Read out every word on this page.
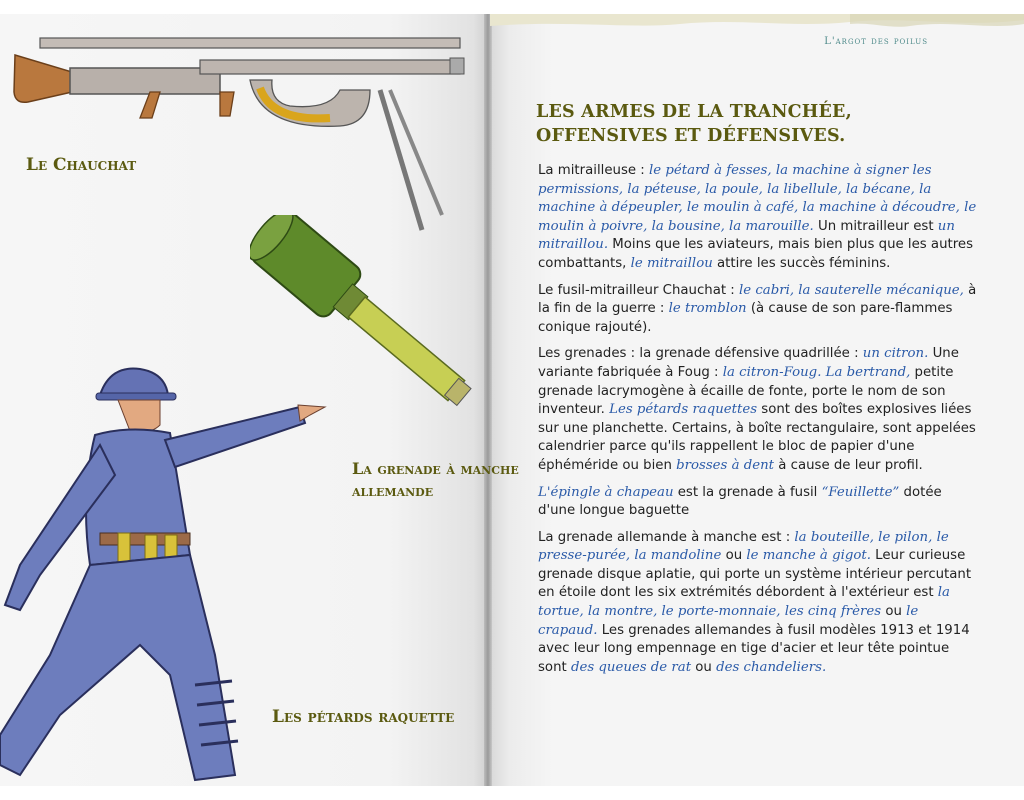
L'argot des poilus
Le Chauchat
La grenade à manche
allemande
Les pétards raquette
LES ARMES DE LA TRANCHÉE,
OFFENSIVES ET DÉFENSIVES.

La mitrailleuse : le pétard à fesses, la machine à signer les permissions, la péteuse, la poule, la libellule, la bécane, la machine à dépeupler, le moulin à café, la machine à découdre, le moulin à poivre, la bousine, la marouille. Un mitrailleur est un mitraillou. Moins que les aviateurs, mais bien plus que les autres combattants, le mitraillou attire les succès féminins.

Le fusil-mitrailleur Chauchat : le cabri, la sauterelle mécanique, à la fin de la guerre : le tromblon (à cause de son pare-flammes conique rajouté).

Les grenades : la grenade défensive quadrillée : un citron. Une variante fabriquée à Foug : la citron-Foug. La bertrand, petite grenade lacrymogène à écaille de fonte, porte le nom de son inventeur. Les pétards raquettes sont des boîtes explosives liées sur une planchette. Certains, à boîte rectangulaire, sont appelées calendrier parce qu'ils rappellent le bloc de papier d'une éphéméride ou bien brosses à dent à cause de leur profil.

L'épingle à chapeau est la grenade à fusil “Feuillette” dotée d'une longue baguette

La grenade allemande à manche est : la bouteille, le pilon, le presse-purée, la mandoline ou le manche à gigot. Leur curieuse grenade disque aplatie, qui porte un système intérieur percutant en étoile dont les six extrémités débordent à l'extérieur est la tortue, la montre, le porte-monnaie, les cinq frères ou le crapaud. Les grenades allemandes à fusil modèles 1913 et 1914 avec leur long empennage en tige d'acier et leur tête pointue sont des queues de rat ou des chandeliers.
